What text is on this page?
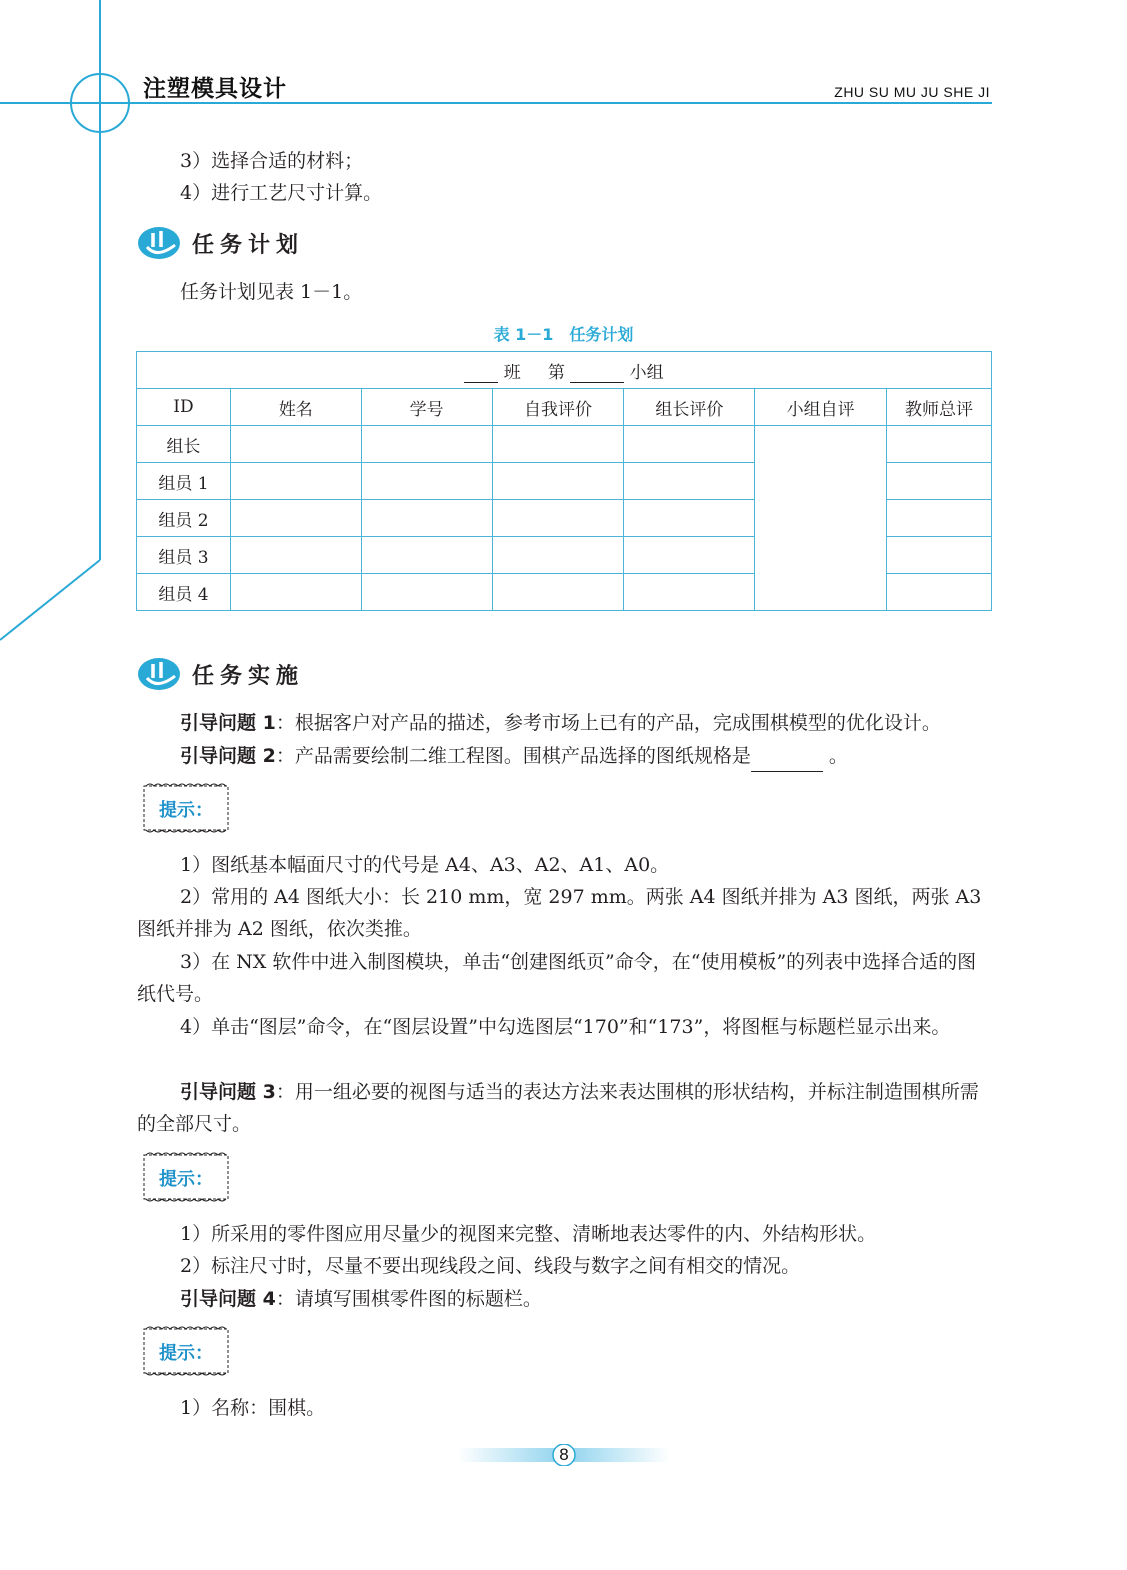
注塑模具设计	ZHU SU MU JU SHE JI
3）选择合适的材料；
4）进行工艺尺寸计算。
任务计划
任务计划见表 1－1。
表 1－1　任务计划
班 第 小组						
ID	姓名	学号	自我评价	组长评价	小组自评	教师总评
组长						
组员 1						
组员 2						
组员 3						
组员 4						
任务实施
引导问题 1：根据客户对产品的描述，参考市场上已有的产品，完成围棋模型的优化设计。
引导问题 2：产品需要绘制二维工程图。围棋产品选择的图纸规格是	。
提示：
1）图纸基本幅面尺寸的代号是 A4、A3、A2、A1、A0。
2）常用的 A4 图纸大小：长 210 mm，宽 297 mm。两张 A4 图纸并排为 A3 图纸，两张 A3 图纸并排为 A2 图纸，依次类推。
3）在 NX 软件中进入制图模块，单击“创建图纸页”命令，在“使用模板”的列表中选择合适的图纸代号。
4）单击“图层”命令，在“图层设置”中勾选图层“170”和“173”，将图框与标题栏显示出来。
引导问题 3：用一组必要的视图与适当的表达方法来表达围棋的形状结构，并标注制造围棋所需的全部尺寸。
提示：
1）所采用的零件图应用尽量少的视图来完整、清晰地表达零件的内、外结构形状。
2）标注尺寸时，尽量不要出现线段之间、线段与数字之间有相交的情况。
引导问题 4：请填写围棋零件图的标题栏。
提示：
1）名称：围棋。
8
